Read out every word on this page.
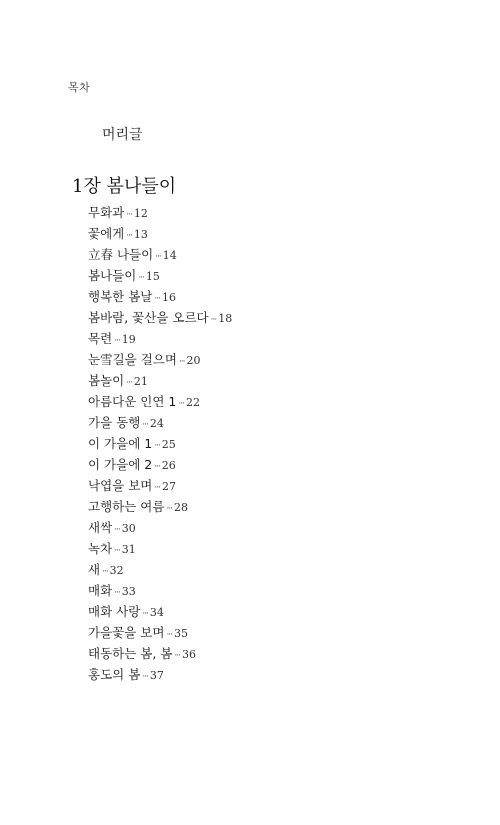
목차
머리글
1장 봄나들이
무화과 ··· 12
꽃에게 ··· 13
立春 나들이 ··· 14
봄나들이 ··· 15
행복한 봄날 ··· 16
봄바람, 꽃산을 오르다 ··· 18
목련 ··· 19
눈雪길을 걸으며 ··· 20
봄놀이 ··· 21
아름다운 인연 1 ··· 22
가을 동행 ··· 24
이 가을에 1 ··· 25
이 가을에 2 ··· 26
낙엽을 보며 ··· 27
고행하는 여름 ··· 28
새싹 ··· 30
녹차 ··· 31
새 ··· 32
매화 ··· 33
매화 사랑 ··· 34
가을꽃을 보며 ··· 35
태동하는 봄, 봄 ··· 36
홍도의 봄 ··· 37
